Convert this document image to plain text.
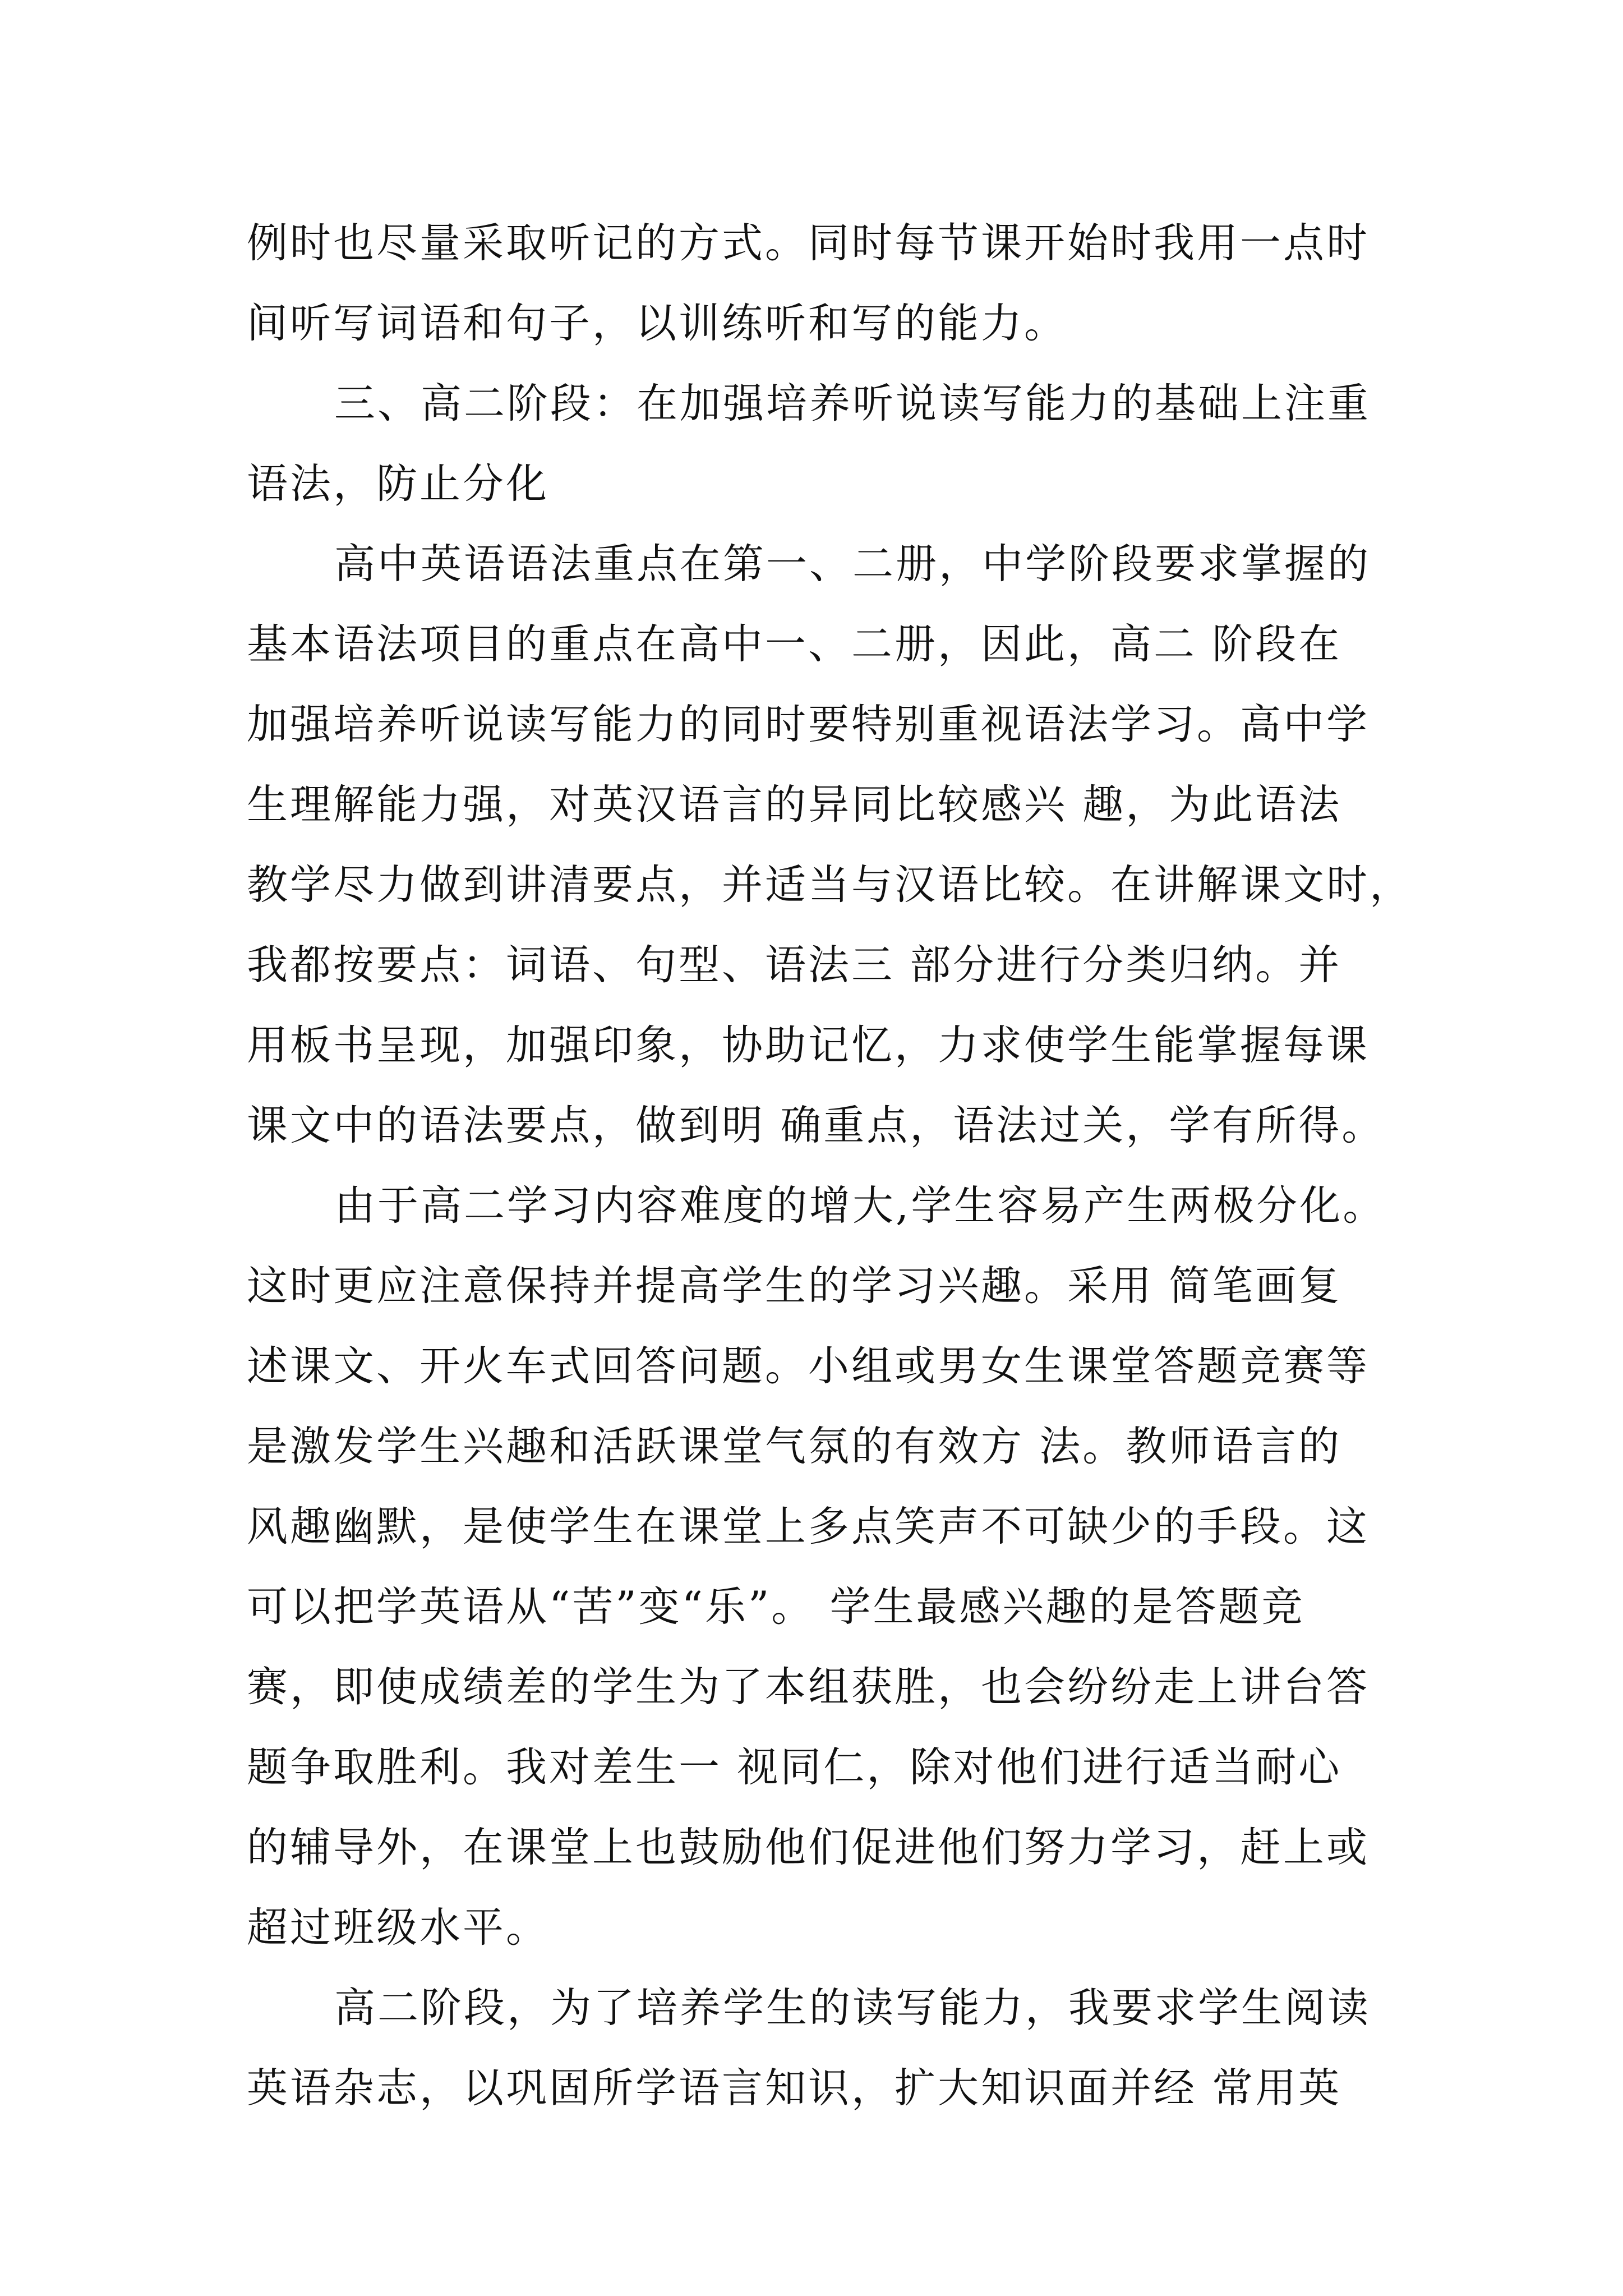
例时也尽量采取听记的方式。同时每节课开始时我用一点时
间听写词语和句子，以训练听和写的能力。
三、高二阶段：在加强培养听说读写能力的基础上注重
语法，防止分化
高中英语语法重点在第一、二册，中学阶段要求掌握的
基本语法项目的重点在高中一、二册，因此，高二 阶段在
加强培养听说读写能力的同时要特别重视语法学习。高中学
生理解能力强，对英汉语言的异同比较感兴 趣，为此语法
教学尽力做到讲清要点，并适当与汉语比较。在讲解课文时，
我都按要点：词语、句型、语法三 部分进行分类归纳。并
用板书呈现，加强印象，协助记忆，力求使学生能掌握每课
课文中的语法要点，做到明 确重点，语法过关，学有所得。
由于高二学习内容难度的增大,学生容易产生两极分化。
这时更应注意保持并提高学生的学习兴趣。采用 简笔画复
述课文、开火车式回答问题。小组或男女生课堂答题竞赛等
是激发学生兴趣和活跃课堂气氛的有效方 法。教师语言的
风趣幽默，是使学生在课堂上多点笑声不可缺少的手段。这
可以把学英语从“苦”变“乐”。 学生最感兴趣的是答题竞
赛，即使成绩差的学生为了本组获胜，也会纷纷走上讲台答
题争取胜利。我对差生一 视同仁，除对他们进行适当耐心
的辅导外，在课堂上也鼓励他们促进他们努力学习，赶上或
超过班级水平。
高二阶段，为了培养学生的读写能力，我要求学生阅读
英语杂志，以巩固所学语言知识，扩大知识面并经 常用英
